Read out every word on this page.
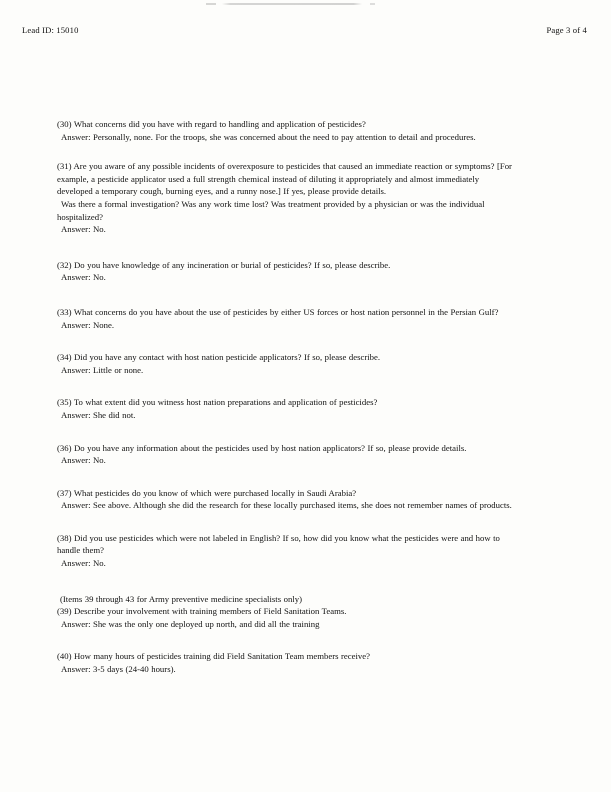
Lead ID: 15010	Page 3 of 4

(30) What concerns did you have with regard to handling and application of pesticides?

Answer: Personally, none. For the troops, she was concerned about the need to pay attention to detail and procedures.

(31) Are you aware of any possible incidents of overexposure to pesticides that caused an immediate reaction or symptoms? [For example, a pesticide applicator used a full strength chemical instead of diluting it appropriately and almost immediately developed a temporary cough, burning eyes, and a runny nose.] If yes, please provide details.

Was there a formal investigation? Was any work time lost? Was treatment provided by a physician or was the individual hospitalized?

Answer: No.

(32) Do you have knowledge of any incineration or burial of pesticides? If so, please describe.

Answer: No.

(33) What concerns do you have about the use of pesticides by either US forces or host nation personnel in the Persian Gulf?

Answer: None.

(34) Did you have any contact with host nation pesticide applicators? If so, please describe.

Answer: Little or none.

(35) To what extent did you witness host nation preparations and application of pesticides?

Answer: She did not.

(36) Do you have any information about the pesticides used by host nation applicators? If so, please provide details.

Answer: No.

(37) What pesticides do you know of which were purchased locally in Saudi Arabia?

Answer: See above. Although she did the research for these locally purchased items, she does not remember names of products.

(38) Did you use pesticides which were not labeled in English? If so, how did you know what the pesticides were and how to handle them?

Answer: No.

(Items 39 through 43 for Army preventive medicine specialists only)

(39) Describe your involvement with training members of Field Sanitation Teams.

Answer: She was the only one deployed up north, and did all the training

(40) How many hours of pesticides training did Field Sanitation Team members receive?

Answer: 3-5 days (24-40 hours).
